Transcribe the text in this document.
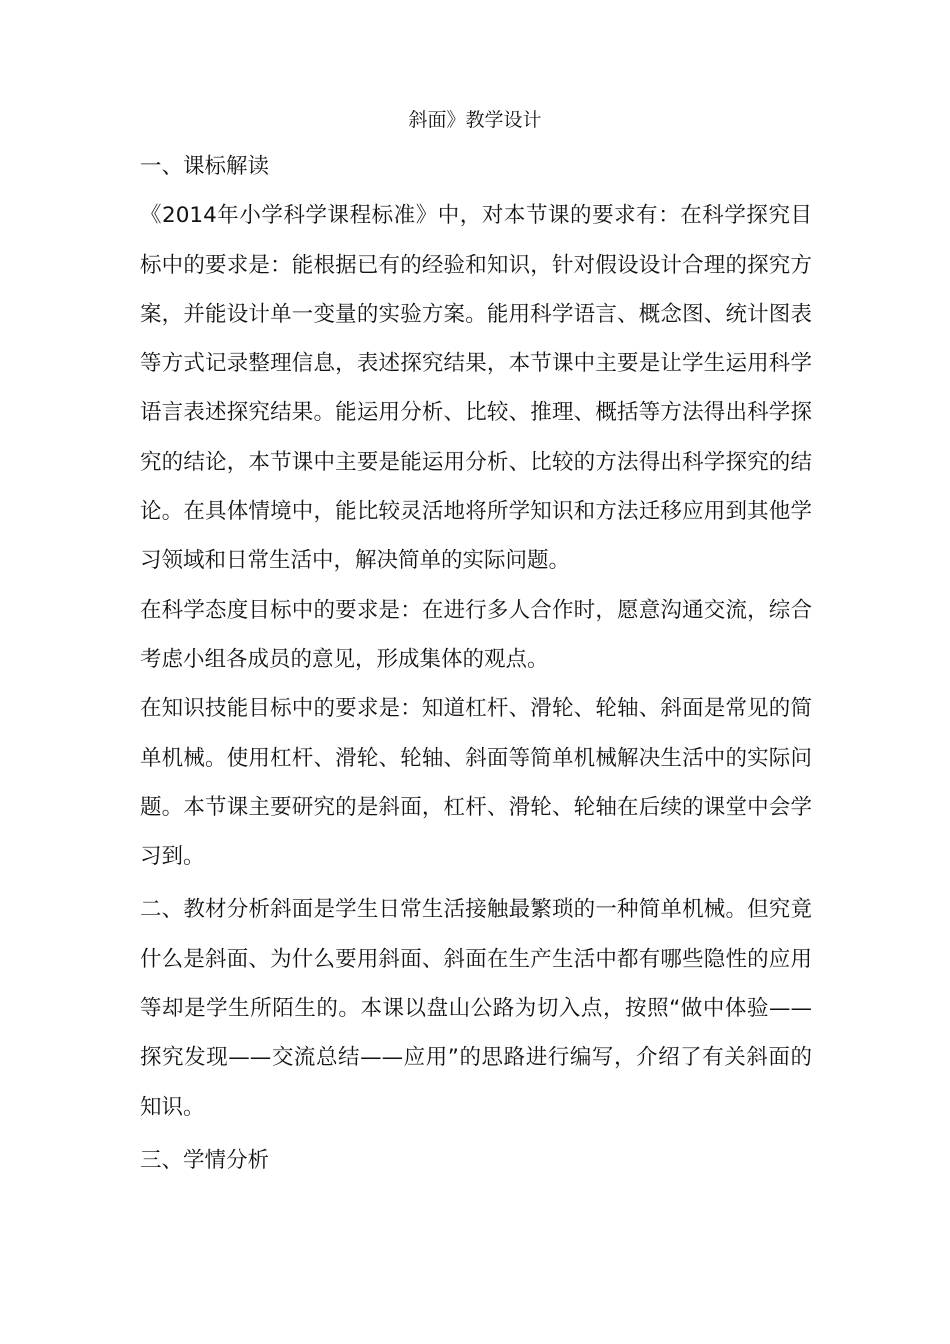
斜面》教学设计
一、课标解读

《2014年小学科学课程标准》中，对本节课的要求有：在科学探究目标中的要求是：能根据已有的经验和知识，针对假设设计合理的探究方案，并能设计单一变量的实验方案。能用科学语言、概念图、统计图表等方式记录整理信息，表述探究结果，本节课中主要是让学生运用科学语言表述探究结果。能运用分析、比较、推理、概括等方法得出科学探究的结论，本节课中主要是能运用分析、比较的方法得出科学探究的结论。在具体情境中，能比较灵活地将所学知识和方法迁移应用到其他学习领域和日常生活中，解决简单的实际问题。

在科学态度目标中的要求是：在进行多人合作时，愿意沟通交流，综合考虑小组各成员的意见，形成集体的观点。

在知识技能目标中的要求是：知道杠杆、滑轮、轮轴、斜面是常见的简单机械。使用杠杆、滑轮、轮轴、斜面等简单机械解决生活中的实际问题。本节课主要研究的是斜面，杠杆、滑轮、轮轴在后续的课堂中会学习到。

二、教材分析斜面是学生日常生活接触最繁琐的一种简单机械。但究竟什么是斜面、为什么要用斜面、斜面在生产生活中都有哪些隐性的应用等却是学生所陌生的。本课以盘山公路为切入点，按照“做中体验——探究发现——交流总结——应用”的思路进行编写，介绍了有关斜面的知识。

三、学情分析
